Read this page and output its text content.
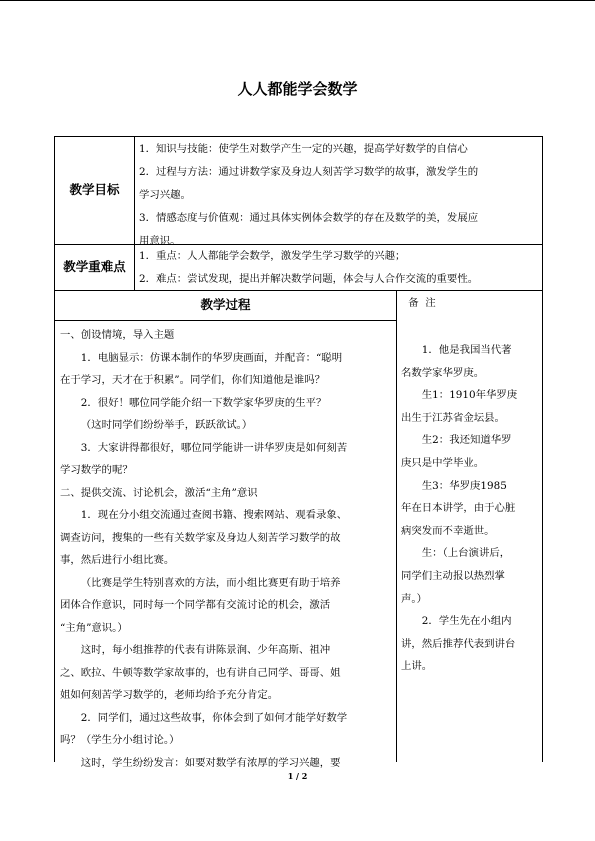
人人都能学会数学
教学目标

1．知识与技能：使学生对数学产生一定的兴趣，提高学好数学的自信心

2．过程与方法：通过讲数学家及身边人刻苦学习数学的故事，激发学生的

学习兴趣。

3．情感态度与价值观：通过具体实例体会数学的存在及数学的美，发展应

用意识。

教学重难点

1．重点：人人都能学会数学，激发学生学习数学的兴趣；

2．难点：尝试发现，提出并解决数学问题，体会与人合作交流的重要性。

教学过程

一、创设情境，导入主题

1．电脑显示：仿课本制作的华罗庚画面，并配音：“聪明

在于学习，天才在于积累”。同学们，你们知道他是谁吗？

2．很好！哪位同学能介绍一下数学家华罗庚的生平？

（这时同学们纷纷举手，跃跃欲试。）

3．大家讲得都很好，哪位同学能讲一讲华罗庚是如何刻苦

学习数学的呢？

二、提供交流、讨论机会，激活“主角”意识

1．现在分小组交流通过查阅书籍、搜索网站、观看录象、

调查访问，搜集的一些有关数学家及身边人刻苦学习数学的故

事，然后进行小组比赛。

（比赛是学生特别喜欢的方法，而小组比赛更有助于培养

团体合作意识，同时每一个同学都有交流讨论的机会，激活

“主角”意识。）

这时，每小组推荐的代表有讲陈景润、少年高斯、祖冲

之、欧拉、牛顿等数学家故事的，也有讲自己同学、哥哥、姐

姐如何刻苦学习数学的，老师均给予充分肯定。

2．同学们，通过这些故事，你体会到了如何才能学好数学

吗？（学生分小组讨论。）

这时，学生纷纷发言：如要对数学有浓厚的学习兴趣，要

备  注

1．他是我国当代著

名数学家华罗庚。

生1：1910年华罗庚

出生于江苏省金坛县。

生2：我还知道华罗

庚只是中学毕业。

生3：华罗庚1985

年在日本讲学，由于心脏

病突发而不幸逝世。

生：（上台演讲后，

同学们主动报以热烈掌

声。）

2．学生先在小组内

讲，然后推荐代表到讲台

上讲。

1 / 2
